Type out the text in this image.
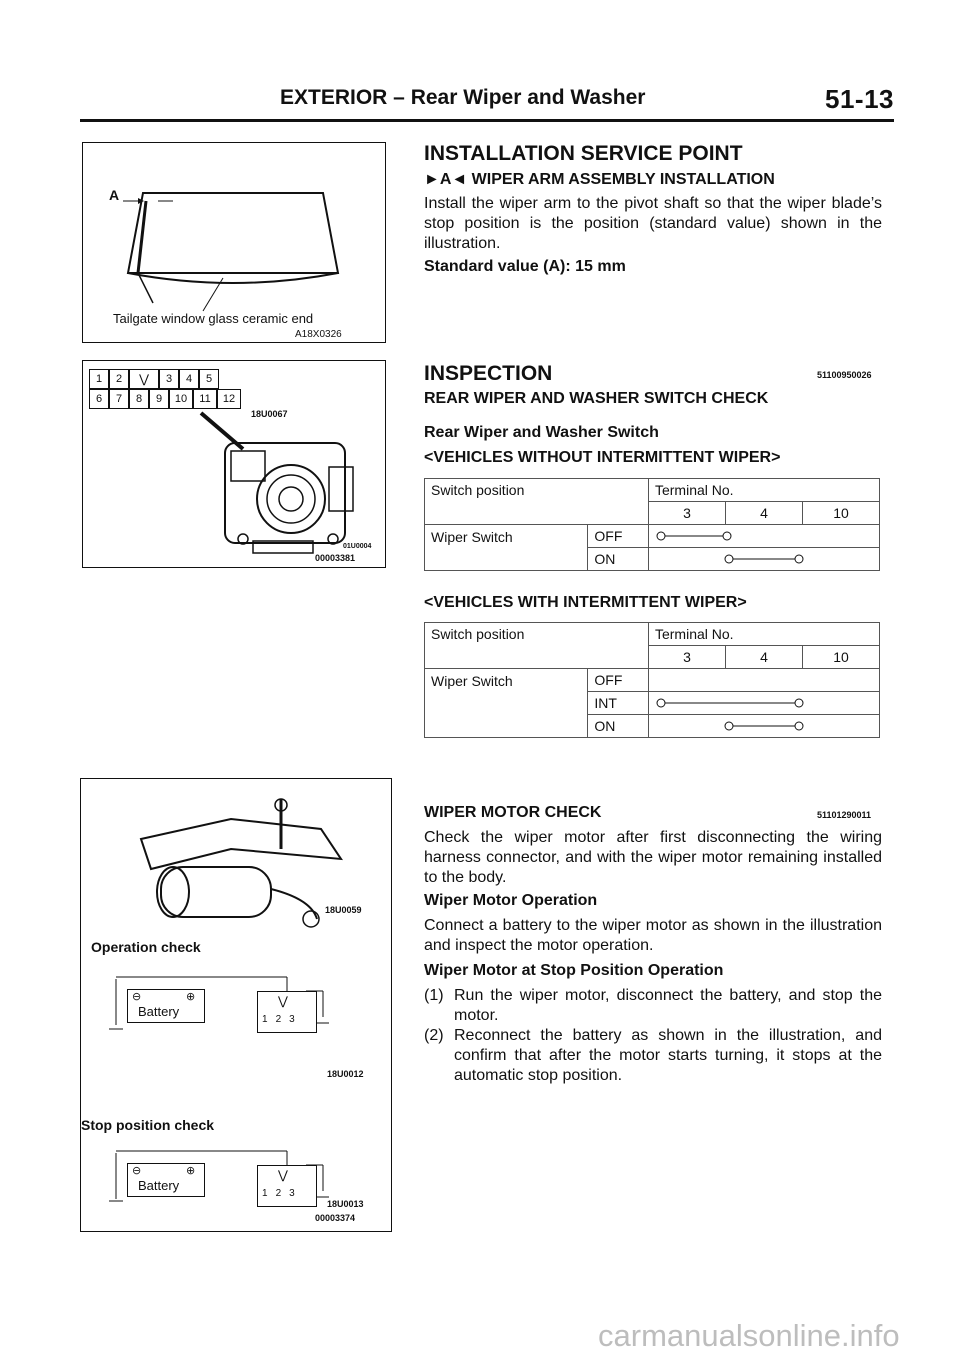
EXTERIOR – Rear Wiper and Washer	51-13
A
Tailgate window glass ceramic end
A18X0326
1	2	⋁	3	4	5
6	7	8	9	10	11	12
18U0067
01U0004
00003381
18U0059
Operation check
⊖	⊕
Battery
⋁
1 2 3
18U0012
Stop position check
⊖	⊕
Battery
⋁
1 2 3
18U0013
00003374
INSTALLATION SERVICE POINT
►A◄ WIPER ARM ASSEMBLY INSTALLATION
Install the wiper arm to the pivot shaft so that the wiper blade’s stop position is the position (standard value) shown in the illustration.
Standard value (A): 15 mm
INSPECTION	51100950026
REAR WIPER AND WASHER SWITCH CHECK
Rear Wiper and Washer Switch
<VEHICLES WITHOUT INTERMITTENT WIPER>
Switch position		Terminal No.		
		3	4	10
Wiper Switch	OFF	

	ON	
<VEHICLES WITH INTERMITTENT WIPER>
Switch position		Terminal No.		
		3	4	10
Wiper Switch	OFF			
	INT	

	ON	
WIPER MOTOR CHECK	51101290011
Check the wiper motor after first disconnecting the wiring harness connector, and with the wiper motor remaining installed to the body.
Wiper Motor Operation
Connect a battery to the wiper motor as shown in the illustration and inspect the motor operation.
Wiper Motor at Stop Position Operation
(1) Run the wiper motor, disconnect the battery, and stop the motor.
(2) Reconnect the battery as shown in the illustration, and confirm that after the motor starts turning, it stops at the automatic stop position.
carmanualsonline.info
